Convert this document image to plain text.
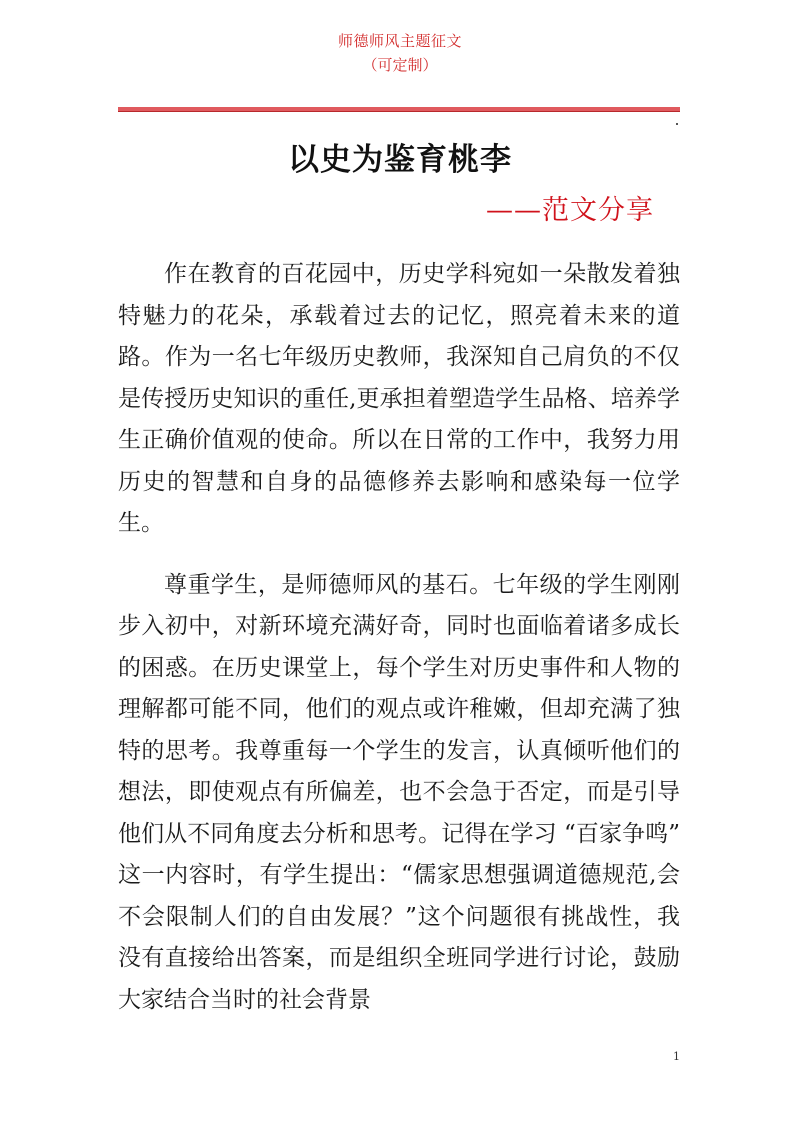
师德师风主题征文
（可定制）
以史为鉴育桃李
——范文分享

作在教育的百花园中，历史学科宛如一朵散发着独特魅力的花朵，承载着过去的记忆，照亮着未来的道路。作为一名七年级历史教师，我深知自己肩负的不仅是传授历史知识的重任,更承担着塑造学生品格、培养学生正确价值观的使命。所以在日常的工作中，我努力用历史的智慧和自身的品德修养去影响和感染每一位学生。

尊重学生，是师德师风的基石。七年级的学生刚刚步入初中，对新环境充满好奇，同时也面临着诸多成长的困惑。在历史课堂上，每个学生对历史事件和人物的理解都可能不同，他们的观点或许稚嫩，但却充满了独特的思考。我尊重每一个学生的发言，认真倾听他们的想法，即使观点有所偏差，也不会急于否定，而是引导他们从不同角度去分析和思考。记得在学习 “百家争鸣” 这一内容时，有学生提出：“儒家思想强调道德规范,会不会限制人们的自由发展？”这个问题很有挑战性，我没有直接给出答案，而是组织全班同学进行讨论，鼓励大家结合当时的社会背景

1
